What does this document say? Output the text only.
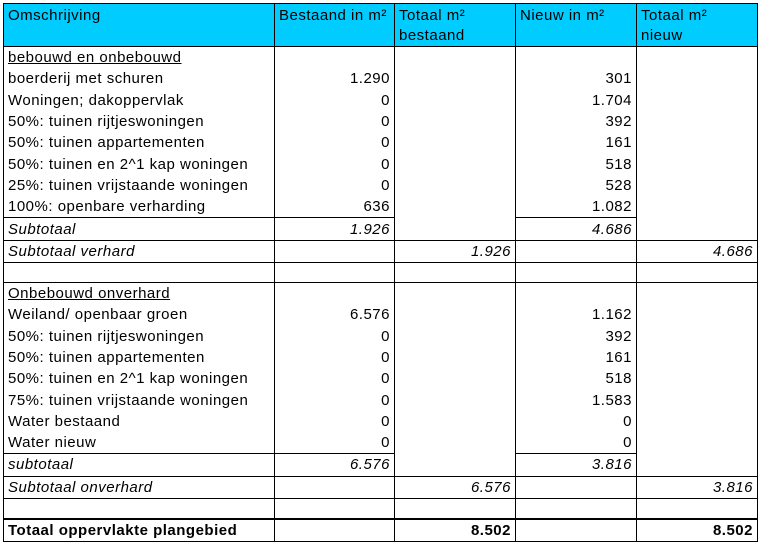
Omschrijving	Bestaand in m²	Totaal m² bestaand	Nieuw in m²	Totaal m² nieuw
bebouwd en onbebouwd				
boerderij met schuren	1.290		301	
Woningen; dakoppervlak	0		1.704	
50%: tuinen rijtjeswoningen	0		392	
50%: tuinen appartementen	0		161	
50%: tuinen en 2^1 kap woningen	0		518	
25%: tuinen vrijstaande woningen	0		528	
100%: openbare verharding	636		1.082	
Subtotaal	1.926		4.686	
Subtotaal verhard		1.926		4.686

Onbebouwd onverhard				
Weiland/ openbaar groen	6.576		1.162	
50%: tuinen rijtjeswoningen	0		392	
50%: tuinen appartementen	0		161	
50%: tuinen en 2^1 kap woningen	0		518	
75%: tuinen vrijstaande woningen	0		1.583	
Water bestaand	0		0	
Water nieuw	0		0	
subtotaal	6.576		3.816	
Subtotaal onverhard		6.576		3.816

Totaal oppervlakte plangebied		8.502		8.502
